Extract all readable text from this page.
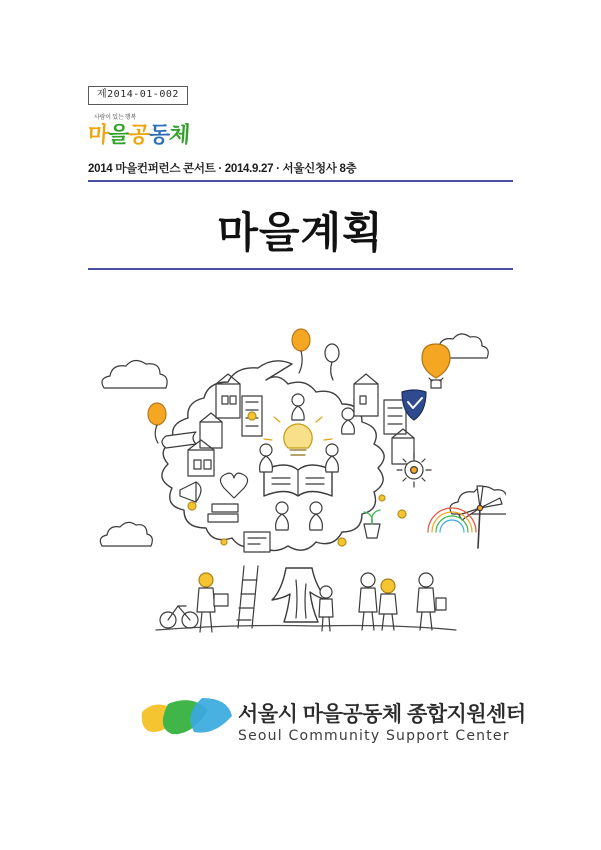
제2014-01-002
사람이 있는 행복
마을공동체
2014 마을컨퍼런스 콘서트 · 2014.9.27 · 서울신청사 8층
마을계획
서울시 마을공동체 종합지원센터
Seoul Community Support Center
